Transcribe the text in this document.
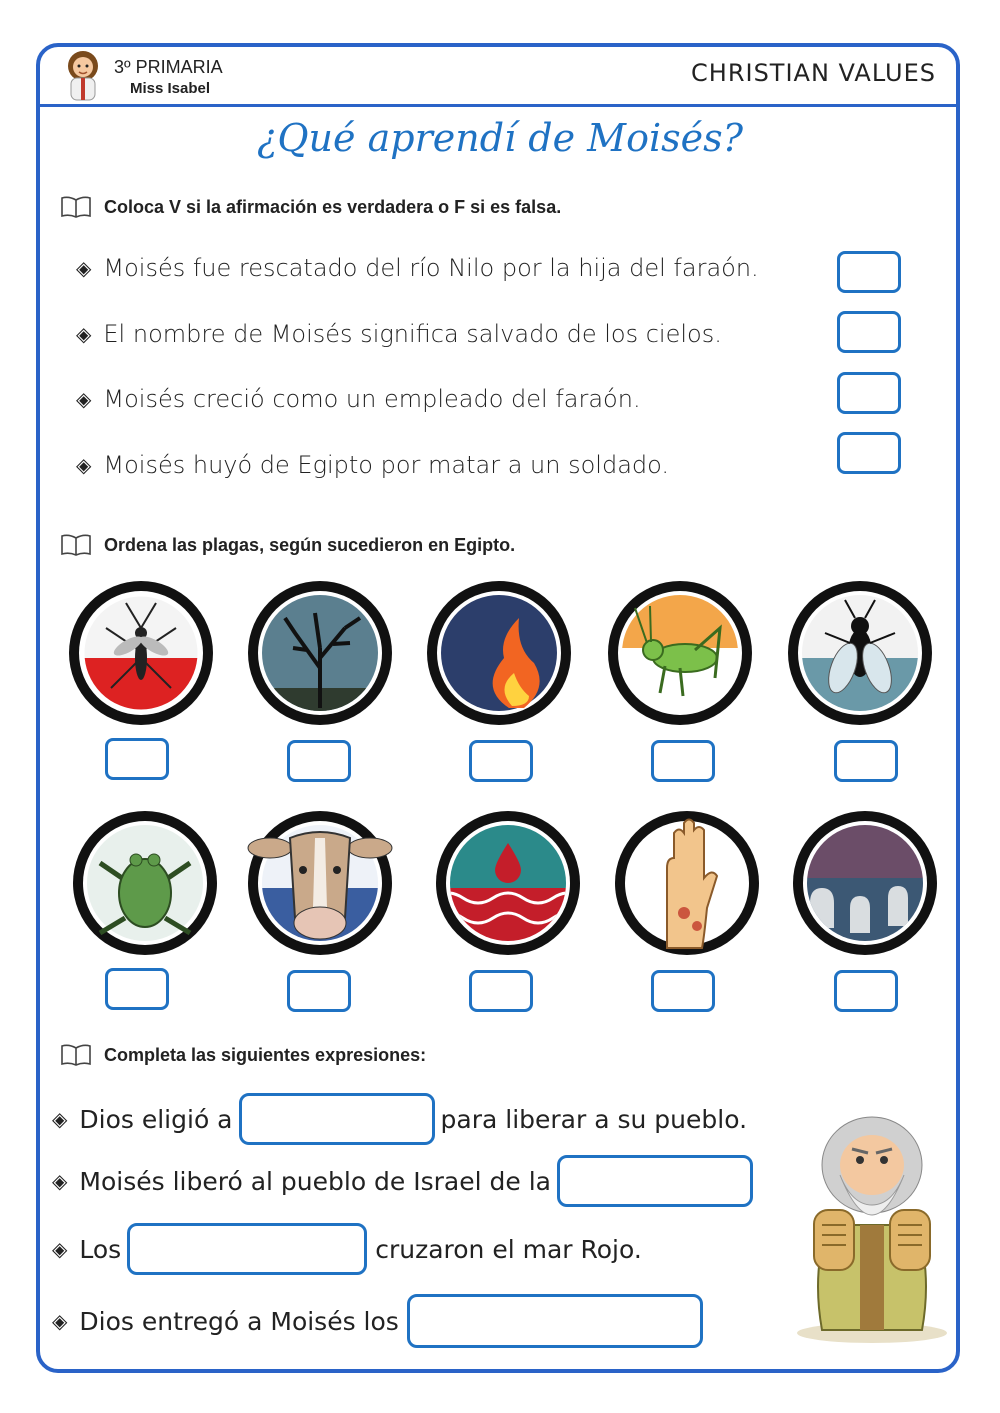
3º PRIMARIA
Miss Isabel
CHRISTIAN VALUES
¿Qué aprendí de Moisés?
Coloca V si la afirmación es verdadera o F si es falsa .
◈ Moisés fue rescatado del río Nilo por la hija del faraón.
◈ El nombre de Moisés significa salvado de los cielos.
◈ Moisés creció como un empleado del faraón.
◈ Moisés huyó de Egipto por matar a un soldado.
Ordena las plagas, según sucedieron en Egipto.
Completa las siguientes expresiones:
◈ Dios eligió a	para liberar a su pueblo.
◈ Moisés liberó al pueblo de Israel de la
◈ Los	cruzaron el mar Rojo.
◈ Dios entregó a Moisés los
